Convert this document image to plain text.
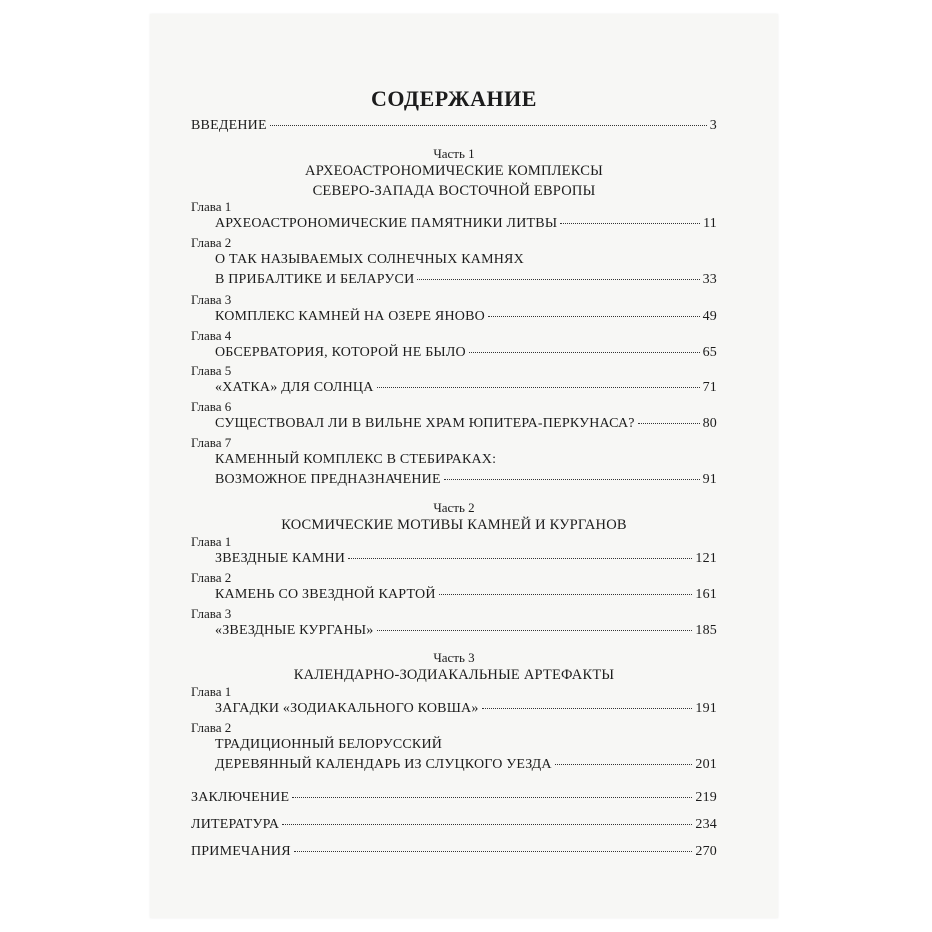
СОДЕРЖАНИЕ
ВВЕДЕНИЕ	3
Часть 1
АРХЕОАСТРОНОМИЧЕСКИЕ КОМПЛЕКСЫ
СЕВЕРО-ЗАПАДА ВОСТОЧНОЙ ЕВРОПЫ
Глава 1
АРХЕОАСТРОНОМИЧЕСКИЕ ПАМЯТНИКИ ЛИТВЫ	11
Глава 2
О ТАК НАЗЫВАЕМЫХ СОЛНЕЧНЫХ КАМНЯХ
В ПРИБАЛТИКЕ И БЕЛАРУСИ	33
Глава 3
КОМПЛЕКС КАМНЕЙ НА ОЗЕРЕ ЯНОВО	49
Глава 4
ОБСЕРВАТОРИЯ, КОТОРОЙ НЕ БЫЛО	65
Глава 5
«ХАТКА» ДЛЯ СОЛНЦА	71
Глава 6
СУЩЕСТВОВАЛ ЛИ В ВИЛЬНЕ ХРАМ ЮПИТЕРА-ПЕРКУНАСА?	80
Глава 7
КАМЕННЫЙ КОМПЛЕКС В СТЕБИРАКАХ:
ВОЗМОЖНОЕ ПРЕДНАЗНАЧЕНИЕ	91
Часть 2
КОСМИЧЕСКИЕ МОТИВЫ КАМНЕЙ И КУРГАНОВ
Глава 1
ЗВЕЗДНЫЕ КАМНИ	121
Глава 2
КАМЕНЬ СО ЗВЕЗДНОЙ КАРТОЙ	161
Глава 3
«ЗВЕЗДНЫЕ КУРГАНЫ»	185
Часть 3
КАЛЕНДАРНО-ЗОДИАКАЛЬНЫЕ АРТЕФАКТЫ
Глава 1
ЗАГАДКИ «ЗОДИАКАЛЬНОГО КОВША»	191
Глава 2
ТРАДИЦИОННЫЙ БЕЛОРУССКИЙ
ДЕРЕВЯННЫЙ КАЛЕНДАРЬ ИЗ СЛУЦКОГО УЕЗДА	201
ЗАКЛЮЧЕНИЕ	219
ЛИТЕРАТУРА	234
ПРИМЕЧАНИЯ	270
